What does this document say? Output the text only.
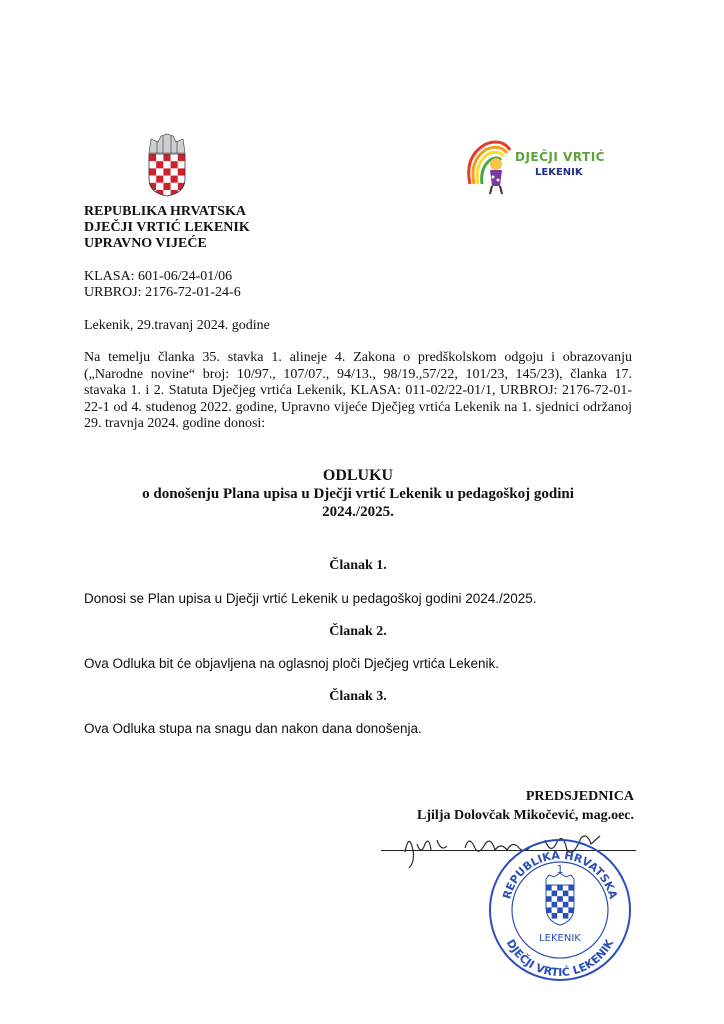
DJEČJI VRTIĆ
LEKENIK
REPUBLIKA HRVATSKA
DJEČJI VRTIĆ LEKENIK
UPRAVNO VIJEĆE
KLASA: 601-06/24-01/06
URBROJ: 2176-72-01-24-6
Lekenik, 29.travanj 2024. godine
Na temelju članka 35. stavka 1. alineje 4. Zakona o predškolskom odgoju i obrazovanju („Narodne novine“ broj: 10/97., 107/07., 94/13., 98/19.,57/22, 101/23, 145/23), članka 17. stavaka 1. i 2. Statuta Dječjeg vrtića Lekenik, KLASA: 011-02/22-01/1, URBROJ: 2176-72-01-22-1 od 4. studenog 2022. godine, Upravno vijeće Dječjeg vrtića Lekenik na 1. sjednici održanoj 29. travnja 2024. godine donosi:
ODLUKU
o donošenju Plana upisa u Dječji vrtić Lekenik u pedagoškoj godini
2024./2025.
Članak 1.
Donosi se Plan upisa u Dječji vrtić Lekenik u pedagoškoj godini 2024./2025.
Članak 2.
Ova Odluka bit će objavljena na oglasnoj ploči Dječjeg vrtića Lekenik.
Članak 3.
Ova Odluka stupa na snagu dan nakon dana donošenja.
PREDSJEDNICA
Ljilja Dolovčak Mikočević, mag.oec.
REPUBLIKA HRVATSKA
DJEČJI VRTIĆ LEKENIK
1
LEKENIK
